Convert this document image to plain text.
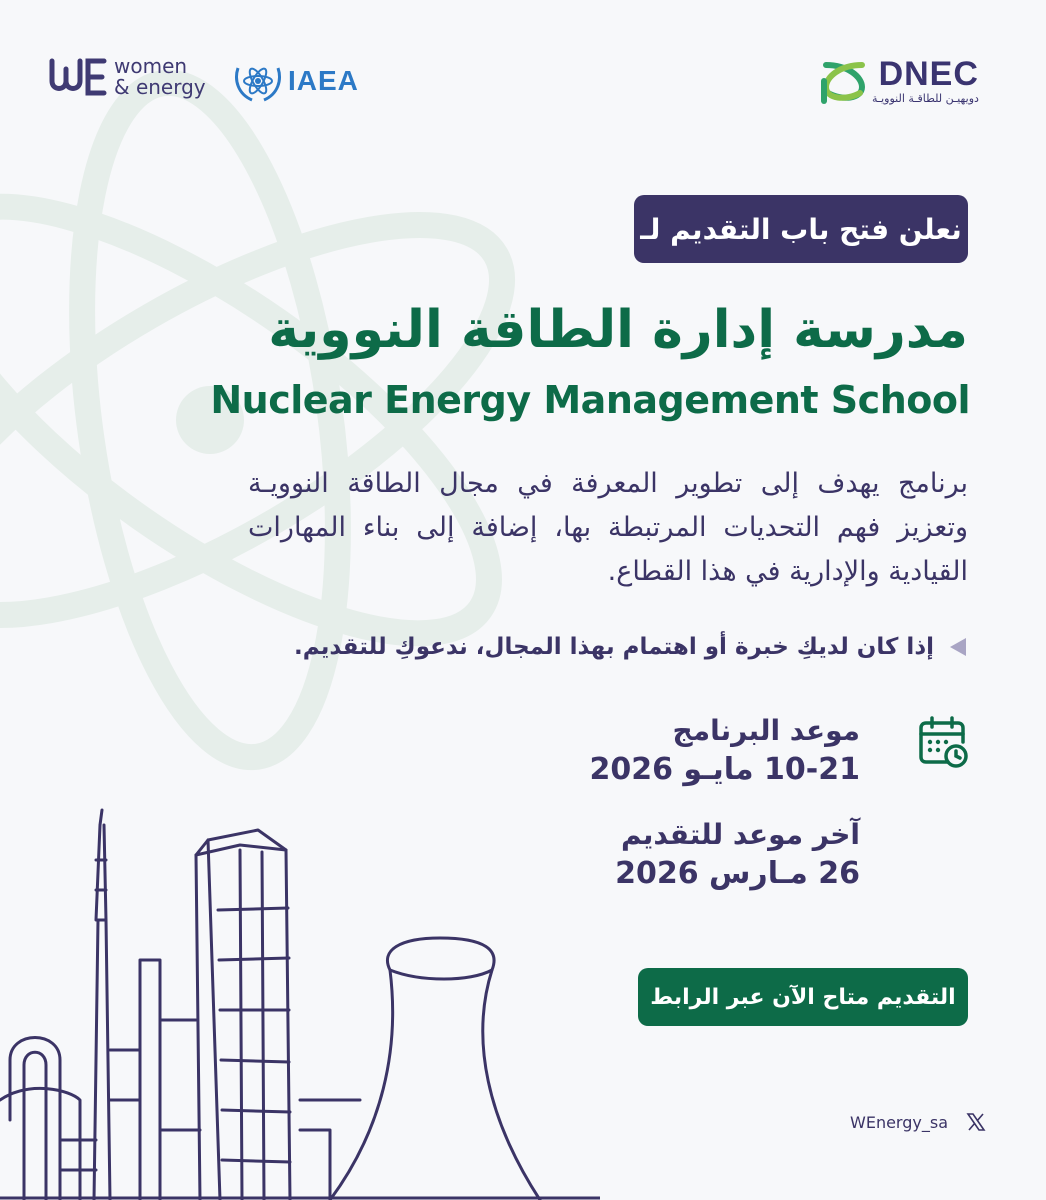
women
& energy	IAEA	DNEC
دويهيـن للطاقـة النوويـة
نعلن فتح باب التقديم لـ
مدرسة إدارة الطاقة النووية
Nuclear Energy Management School
برنامج يهدف إلى تطوير المعرفة في مجال الطاقة النوويـة وتعزيز فهم التحديات المرتبطة بها، إضافة إلى بناء المهارات القيادية والإدارية في هذا القطاع.
إذا كان لديكِ خبرة أو اهتمام بهذا المجال، ندعوكِ للتقديم.
موعد البرنامج
10-21 مايـو 2026
آخر موعد للتقديم
26 مـارس 2026
التقديم متاح الآن عبر الرابط
WEnergy_sa
